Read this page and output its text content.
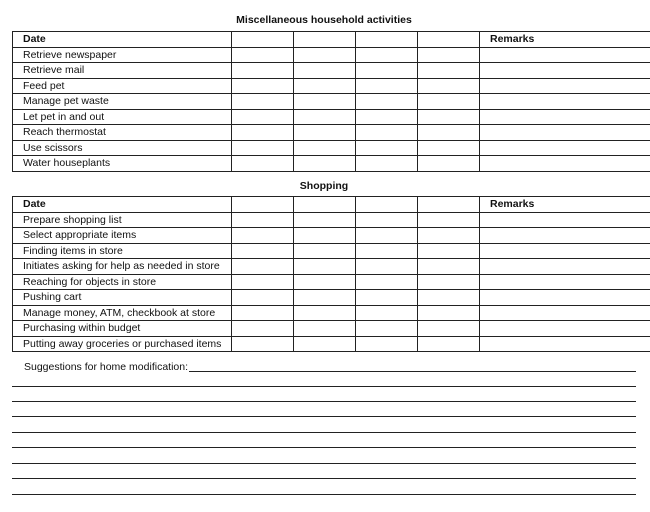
Miscellaneous household activities
Date					Remarks
Retrieve newspaper					
Retrieve mail					
Feed pet					
Manage pet waste					
Let pet in and out					
Reach thermostat					
Use scissors					
Water houseplants					
Shopping
Date					Remarks
Prepare shopping list					
Select appropriate items					
Finding items in store					
Initiates asking for help as needed in store					
Reaching for objects in store					
Pushing cart					
Manage money, ATM, checkbook at store					
Purchasing within budget					
Putting away groceries or purchased items					
Suggestions for home modification:
